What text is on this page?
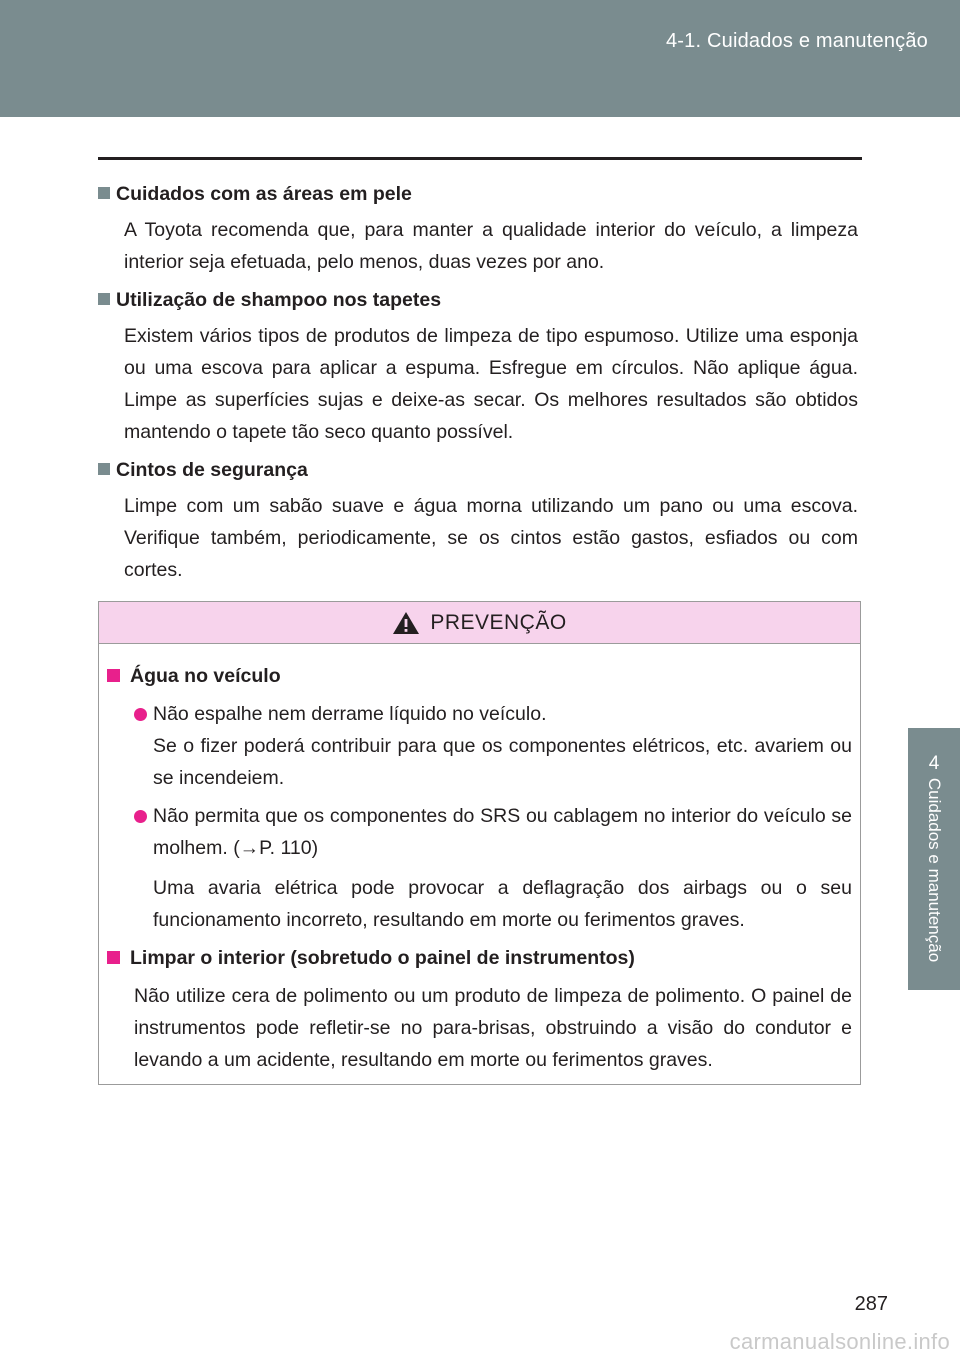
4-1. Cuidados e manutenção
4
Cuidados e manutenção
Cuidados com as áreas em pele
A Toyota recomenda que, para manter a qualidade interior do veículo, a limpeza interior seja efetuada, pelo menos, duas vezes por ano.
Utilização de shampoo nos tapetes
Existem vários tipos de produtos de limpeza de tipo espumoso. Utilize uma esponja ou uma escova para aplicar a espuma. Esfregue em círculos. Não aplique água. Limpe as superfícies sujas e deixe-as secar. Os melhores resultados são obtidos mantendo o tapete tão seco quanto possível.
Cintos de segurança
Limpe com um sabão suave e água morna utilizando um pano ou uma escova. Verifique também, periodicamente, se os cintos estão gastos, esfiados ou com cortes.
PREVENÇÃO
Água no veículo
Não espalhe nem derrame líquido no veículo.
Se o fizer poderá contribuir para que os componentes elétricos, etc. avariem ou se incendeiem.
Não permita que os componentes do SRS ou cablagem no interior do veículo se molhem. (→P. 110)
Uma avaria elétrica pode provocar a deflagração dos airbags ou o seu funcionamento incorreto, resultando em morte ou ferimentos graves.
Limpar o interior (sobretudo o painel de instrumentos)
Não utilize cera de polimento ou um produto de limpeza de polimento. O painel de instrumentos pode refletir-se no para-brisas, obstruindo a visão do condutor e levando a um acidente, resultando em morte ou ferimentos graves.
287
carmanualsonline.info
